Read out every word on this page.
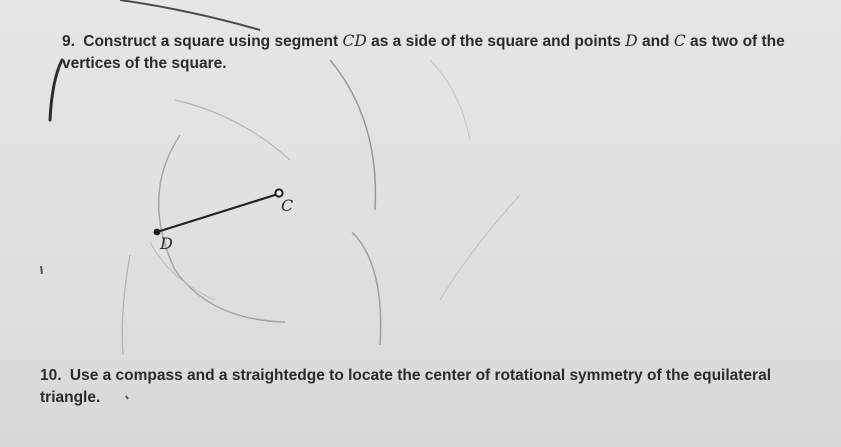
9. Construct a square using segment CD as a side of the square and points D and C as two of the vertices of the square.
C
D
10. Use a compass and a straightedge to locate the center of rotational symmetry of the equilateral triangle.
